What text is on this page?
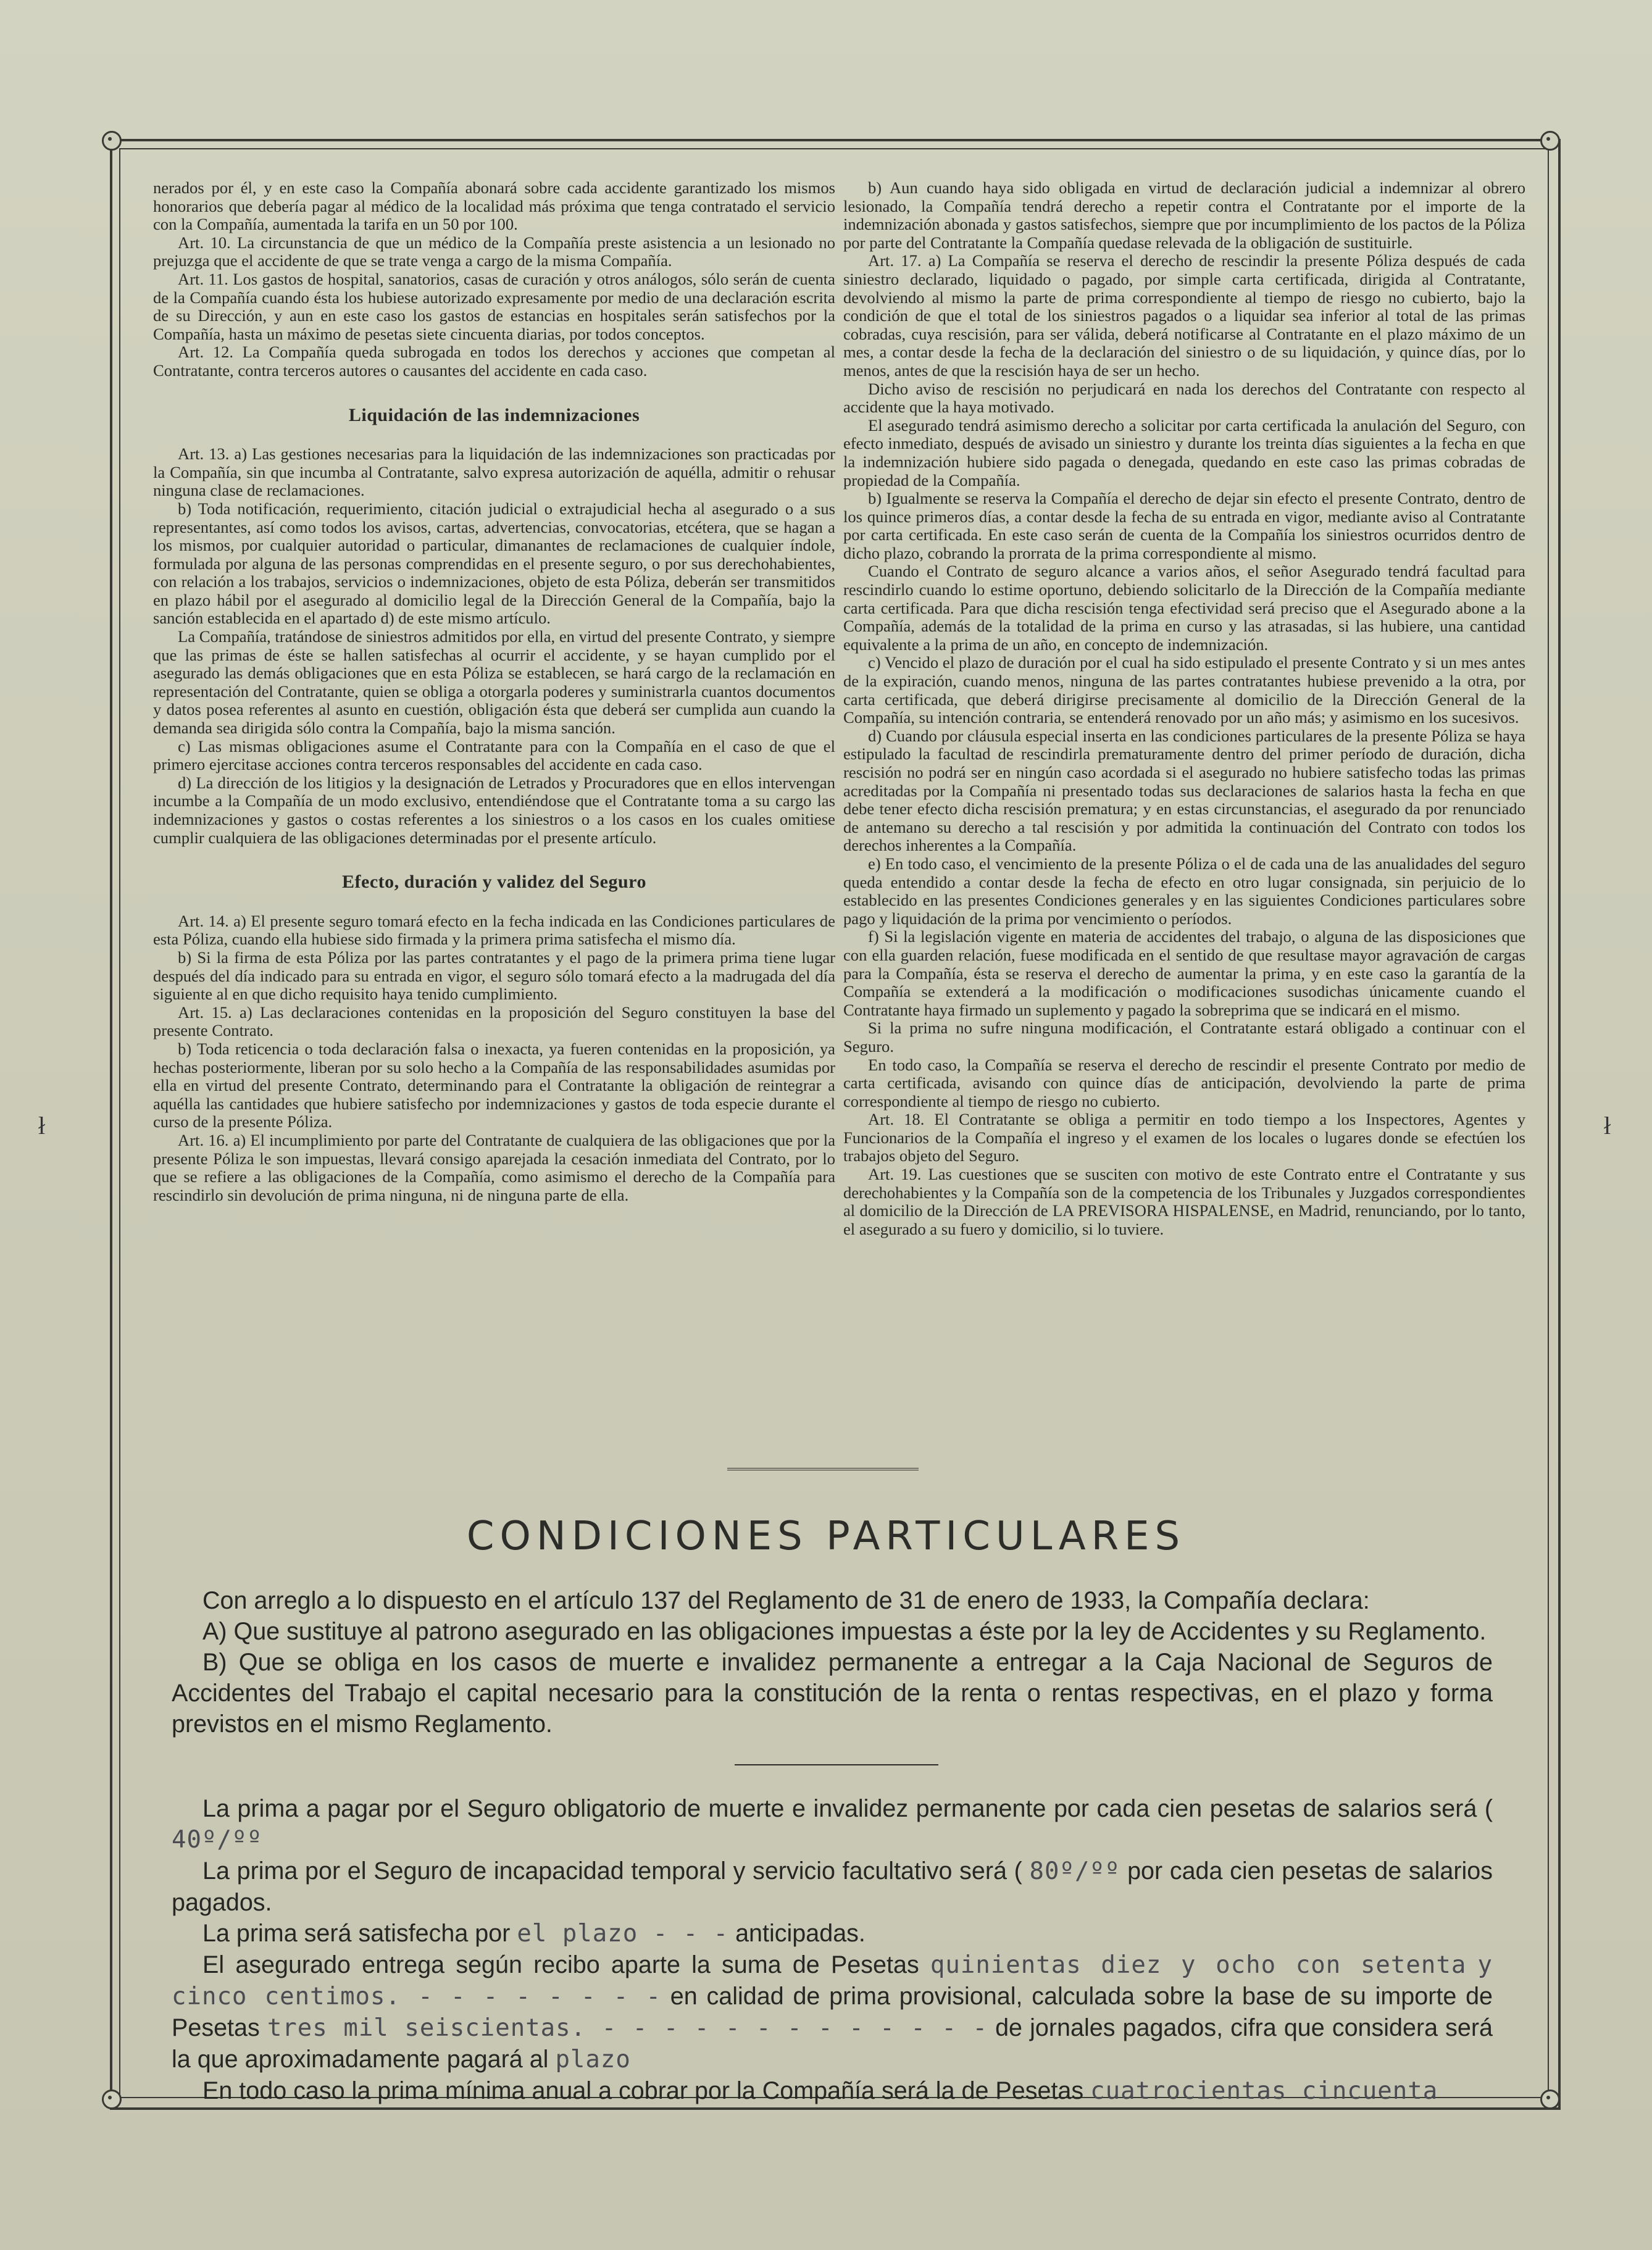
ł	ł

nerados por él, y en este caso la Compañía abonará sobre cada accidente garantizado los mismos honorarios que debería pagar al médico de la localidad más próxima que tenga contratado el servicio con la Compañía, aumentada la tarifa en un 50 por 100.

Art. 10. La circunstancia de que un médico de la Compañía preste asistencia a un lesionado no prejuzga que el accidente de que se trate venga a cargo de la misma Compañía.

Art. 11. Los gastos de hospital, sanatorios, casas de curación y otros análogos, sólo serán de cuenta de la Compañía cuando ésta los hubiese autorizado expresamente por medio de una declaración escrita de su Dirección, y aun en este caso los gastos de estancias en hospitales serán satisfechos por la Compañía, hasta un máximo de pesetas siete cincuenta diarias, por todos conceptos.

Art. 12. La Compañía queda subrogada en todos los derechos y acciones que competan al Contratante, contra terceros autores o causantes del accidente en cada caso.

Liquidación de las indemnizaciones

Art. 13. a) Las gestiones necesarias para la liquidación de las indemnizaciones son practicadas por la Compañía, sin que incumba al Contratante, salvo expresa autorización de aquélla, admitir o rehusar ninguna clase de reclamaciones.

b) Toda notificación, requerimiento, citación judicial o extrajudicial hecha al asegurado o a sus representantes, así como todos los avisos, cartas, advertencias, convocatorias, etcétera, que se hagan a los mismos, por cualquier autoridad o particular, dimanantes de reclamaciones de cualquier índole, formulada por alguna de las personas comprendidas en el presente seguro, o por sus derechohabientes, con relación a los trabajos, servicios o indemnizaciones, objeto de esta Póliza, deberán ser transmitidos en plazo hábil por el asegurado al domicilio legal de la Dirección General de la Compañía, bajo la sanción establecida en el apartado d) de este mismo artículo.

La Compañía, tratándose de siniestros admitidos por ella, en virtud del presente Contrato, y siempre que las primas de éste se hallen satisfechas al ocurrir el accidente, y se hayan cumplido por el asegurado las demás obligaciones que en esta Póliza se establecen, se hará cargo de la reclamación en representación del Contratante, quien se obliga a otorgarla poderes y suministrarla cuantos documentos y datos posea referentes al asunto en cuestión, obligación ésta que deberá ser cumplida aun cuando la demanda sea dirigida sólo contra la Compañía, bajo la misma sanción.

c) Las mismas obligaciones asume el Contratante para con la Compañía en el caso de que el primero ejercitase acciones contra terceros responsables del accidente en cada caso.

d) La dirección de los litigios y la designación de Letrados y Procuradores que en ellos intervengan incumbe a la Compañía de un modo exclusivo, entendiéndose que el Contratante toma a su cargo las indemnizaciones y gastos o costas referentes a los siniestros o a los casos en los cuales omitiese cumplir cualquiera de las obligaciones determinadas por el presente artículo.

Efecto, duración y validez del Seguro

Art. 14. a) El presente seguro tomará efecto en la fecha indicada en las Condiciones particulares de esta Póliza, cuando ella hubiese sido firmada y la primera prima satisfecha el mismo día.

b) Si la firma de esta Póliza por las partes contratantes y el pago de la primera prima tiene lugar después del día indicado para su entrada en vigor, el seguro sólo tomará efecto a la madrugada del día siguiente al en que dicho requisito haya tenido cumplimiento.

Art. 15. a) Las declaraciones contenidas en la proposición del Seguro constituyen la base del presente Contrato.

b) Toda reticencia o toda declaración falsa o inexacta, ya fueren contenidas en la proposición, ya hechas posteriormente, liberan por su solo hecho a la Compañía de las responsabilidades asumidas por ella en virtud del presente Contrato, determinando para el Contratante la obligación de reintegrar a aquélla las cantidades que hubiere satisfecho por indemnizaciones y gastos de toda especie durante el curso de la presente Póliza.

Art. 16. a) El incumplimiento por parte del Contratante de cualquiera de las obligaciones que por la presente Póliza le son impuestas, llevará consigo aparejada la cesación inmediata del Contrato, por lo que se refiere a las obligaciones de la Compañía, como asimismo el derecho de la Compañía para rescindirlo sin devolución de prima ninguna, ni de ninguna parte de ella.

b) Aun cuando haya sido obligada en virtud de declaración judicial a indemnizar al obrero lesionado, la Compañía tendrá derecho a repetir contra el Contratante por el importe de la indemnización abonada y gastos satisfechos, siempre que por incumplimiento de los pactos de la Póliza por parte del Contratante la Compañía quedase relevada de la obligación de sustituirle.

Art. 17. a) La Compañía se reserva el derecho de rescindir la presente Póliza después de cada siniestro declarado, liquidado o pagado, por simple carta certificada, dirigida al Contratante, devolviendo al mismo la parte de prima correspondiente al tiempo de riesgo no cubierto, bajo la condición de que el total de los siniestros pagados o a liquidar sea inferior al total de las primas cobradas, cuya rescisión, para ser válida, deberá notificarse al Contratante en el plazo máximo de un mes, a contar desde la fecha de la declaración del siniestro o de su liquidación, y quince días, por lo menos, antes de que la rescisión haya de ser un hecho.

Dicho aviso de rescisión no perjudicará en nada los derechos del Contratante con respecto al accidente que la haya motivado.

El asegurado tendrá asimismo derecho a solicitar por carta certificada la anulación del Seguro, con efecto inmediato, después de avisado un siniestro y durante los treinta días siguientes a la fecha en que la indemnización hubiere sido pagada o denegada, quedando en este caso las primas cobradas de propiedad de la Compañía.

b) Igualmente se reserva la Compañía el derecho de dejar sin efecto el presente Contrato, dentro de los quince primeros días, a contar desde la fecha de su entrada en vigor, mediante aviso al Contratante por carta certificada. En este caso serán de cuenta de la Compañía los siniestros ocurridos dentro de dicho plazo, cobrando la prorrata de la prima correspondiente al mismo.

Cuando el Contrato de seguro alcance a varios años, el señor Asegurado tendrá facultad para rescindirlo cuando lo estime oportuno, debiendo solicitarlo de la Dirección de la Compañía mediante carta certificada. Para que dicha rescisión tenga efectividad será preciso que el Asegurado abone a la Compañía, además de la totalidad de la prima en curso y las atrasadas, si las hubiere, una cantidad equivalente a la prima de un año, en concepto de indemnización.

c) Vencido el plazo de duración por el cual ha sido estipulado el presente Contrato y si un mes antes de la expiración, cuando menos, ninguna de las partes contratantes hubiese prevenido a la otra, por carta certificada, que deberá dirigirse precisamente al domicilio de la Dirección General de la Compañía, su intención contraria, se entenderá renovado por un año más; y asimismo en los sucesivos.

d) Cuando por cláusula especial inserta en las condiciones particulares de la presente Póliza se haya estipulado la facultad de rescindirla prematuramente dentro del primer período de duración, dicha rescisión no podrá ser en ningún caso acordada si el asegurado no hubiere satisfecho todas las primas acreditadas por la Compañía ni presentado todas sus declaraciones de salarios hasta la fecha en que debe tener efecto dicha rescisión prematura; y en estas circunstancias, el asegurado da por renunciado de antemano su derecho a tal rescisión y por admitida la continuación del Contrato con todos los derechos inherentes a la Compañía.

e) En todo caso, el vencimiento de la presente Póliza o el de cada una de las anualidades del seguro queda entendido a contar desde la fecha de efecto en otro lugar consignada, sin perjuicio de lo establecido en las presentes Condiciones generales y en las siguientes Condiciones particulares sobre pago y liquidación de la prima por vencimiento o períodos.

f) Si la legislación vigente en materia de accidentes del trabajo, o alguna de las disposiciones que con ella guarden relación, fuese modificada en el sentido de que resultase mayor agravación de cargas para la Compañía, ésta se reserva el derecho de aumentar la prima, y en este caso la garantía de la Compañía se extenderá a la modificación o modificaciones susodichas únicamente cuando el Contratante haya firmado un suplemento y pagado la sobreprima que se indicará en el mismo.

Si la prima no sufre ninguna modificación, el Contratante estará obligado a continuar con el Seguro.

En todo caso, la Compañía se reserva el derecho de rescindir el presente Contrato por medio de carta certificada, avisando con quince días de anticipación, devolviendo la parte de prima correspondiente al tiempo de riesgo no cubierto.

Art. 18. El Contratante se obliga a permitir en todo tiempo a los Inspectores, Agentes y Funcionarios de la Compañía el ingreso y el examen de los locales o lugares donde se efectúen los trabajos objeto del Seguro.

Art. 19. Las cuestiones que se susciten con motivo de este Contrato entre el Contratante y sus derechohabientes y la Compañía son de la competencia de los Tribunales y Juzgados correspondientes al domicilio de la Dirección de LA PREVISORA HISPALENSE, en Madrid, renunciando, por lo tanto, el asegurado a su fuero y domicilio, si lo tuviere.

CONDICIONES PARTICULARES

Con arreglo a lo dispuesto en el artículo 137 del Reglamento de 31 de enero de 1933, la Compañía declara:

A) Que sustituye al patrono asegurado en las obligaciones impuestas a éste por la ley de Accidentes y su Reglamento.

B) Que se obliga en los casos de muerte e invalidez permanente a entregar a la Caja Nacional de Seguros de Accidentes del Trabajo el capital necesario para la constitución de la renta o rentas respectivas, en el plazo y forma previstos en el mismo Reglamento.

La prima a pagar por el Seguro obligatorio de muerte e invalidez permanente por cada cien pesetas de salarios será ( 40º/ºº

La prima por el Seguro de incapacidad temporal y servicio facultativo será ( 80º/ºº por cada cien pesetas de salarios pagados.

La prima será satisfecha por el plazo - - - anticipadas.

El asegurado entrega según recibo aparte la suma de Pesetas quinientas diez y ocho con setenta y cinco centimos. - - - - - - - - en calidad de prima provisional, calculada sobre la base de su importe de Pesetas tres mil seiscientas. - - - - - - - - - - - - - de jornales pagados, cifra que considera será la que aproximadamente pagará al plazo

En todo caso la prima mínima anual a cobrar por la Compañía será la de Pesetas cuatrocientas cincuenta
